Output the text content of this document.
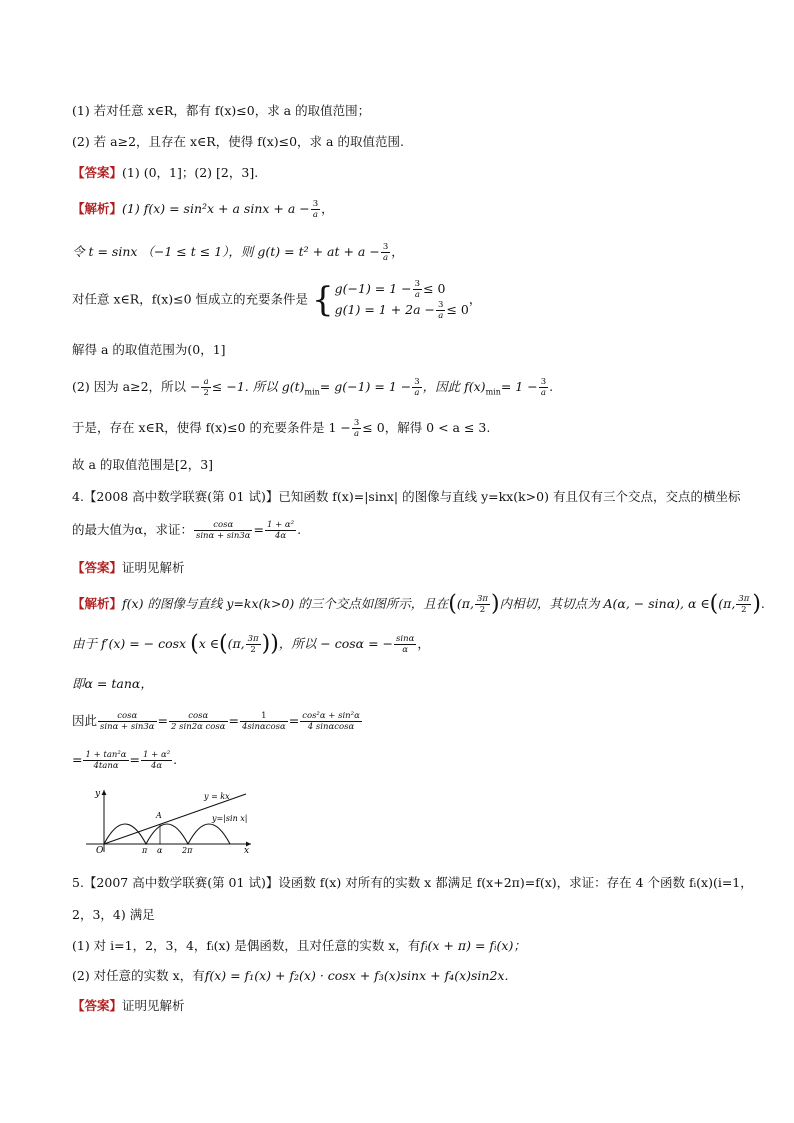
(1) 若对任意 x∈R，都有 f(x)≤0，求 a 的取值范围；
(2) 若 a≥2，且存在 x∈R，使得 f(x)≤0，求 a 的取值范围.
【答案】(1) (0，1]；(2) [2，3].
【解析】(1) f(x) = sin²x + a $\sin x + a - \frac{3}{a}$ ，
令 t = sinx （−1 ≤ t ≤ 1），则 g(t) = t² + at + $a - \frac{3}{a}$ ，
对任意 x∈R，f(x)≤0 恒成立的充要条件是 { $g(-1) = 1 - \frac{3}{a} \le 0$
$g(1) = 1 + 2a - \frac{3}{a} \le 0$
，
解得 a 的取值范围为(0，1]
(2) 因为 a≥2，所以 − $\frac{a}{2} \le -1$. 所以 $g(t)_{min}= g(-1) = 1 - \frac{3}{a}$ ，因此 $f(x)_{min}= 1 - \frac{3}{a}$ .
于是，存在 x∈R，使得 f(x)≤0 的充要条件是 $1 - \frac{3}{a} \le 0$，解得 0 < a ≤ 3.
故 a 的取值范围是[2，3]
4.【2008 高中数学联赛(第 01 试)】已知函数 f(x)=|sinx| 的图像与直线 y=kx(k>0) 有且仅有三个交点，交点的横坐标
的最大值为α，求证： $\frac{\cos\alpha}{\sin\alpha + \sin 3\alpha} = \frac{\text{1 + α²}}{4\alpha}$ .
【答案】证明见解析
【解析】f(x) 的图像与直线 y=kx(k>0) 的三个交点如图所示，且在((π, $\frac{3\pi}{2}$ )内相切，其切点为 A(α, − sinα), α ∈((π, $\frac{3\pi}{2}$ ).
由于 f′(x) = − cosx (x ∈((π, $\frac{3\pi}{2}$ ))，所以 − cosα = − $\frac{\sin\alpha}{\alpha}$ ，
即α = tanα，
因此 $\frac{\cos\alpha}{\sin\alpha + \sin 3\alpha} = \frac{\cos\alpha}{\text{2 sin2α cosα}} = \frac{1}{4\sin\alpha\cos\alpha} = \frac{\text{cos²α + sin²α}}{4 \sin\alpha\cos\alpha}$
= $\frac{\text{1 + tan²α}}{4\tan\alpha} = \frac{\text{1 + α²}}{4\alpha}$ .
y
x
O
y = kx
y=|sin x|
A
π α 2π
5.【2007 高中数学联赛(第 01 试)】设函数 f(x) 对所有的实数 x 都满足 f(x+2π)=f(x)，求证：存在 4 个函数 fᵢ(x)(i=1，
2，3，4) 满足
(1) 对 i=1，2，3，4，fᵢ(x) 是偶函数，且对任意的实数 x，有fᵢ(x + π) = fᵢ(x)；
(2) 对任意的实数 x，有f(x) = f₁(x) + f₂(x) · cosx + f₃(x)sinx + f₄(x)sin2x.
【答案】证明见解析
